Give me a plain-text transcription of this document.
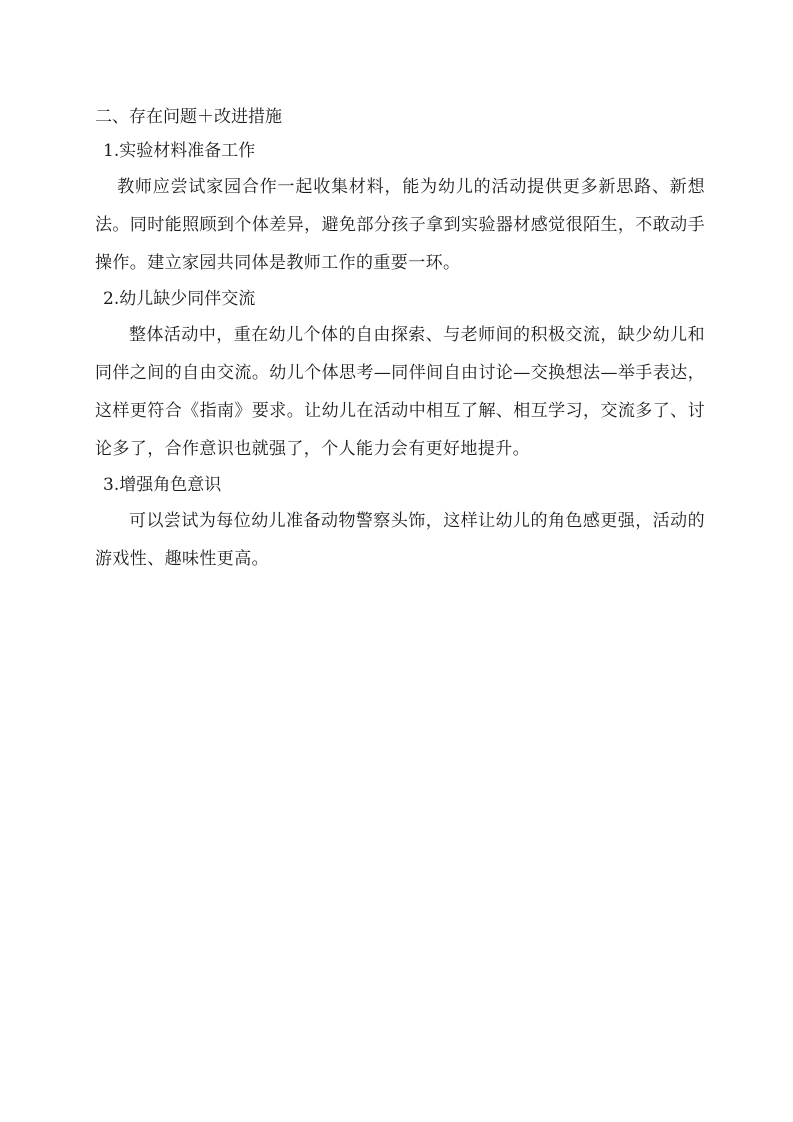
二、存在问题＋改进措施

1.实验材料准备工作

教师应尝试家园合作一起收集材料，能为幼儿的活动提供更多新思路、新想法。同时能照顾到个体差异，避免部分孩子拿到实验器材感觉很陌生，不敢动手操作。建立家园共同体是教师工作的重要一环。

2.幼儿缺少同伴交流

整体活动中，重在幼儿个体的自由探索、与老师间的积极交流，缺少幼儿和同伴之间的自由交流。幼儿个体思考—同伴间自由讨论—交换想法—举手表达，这样更符合《指南》要求。让幼儿在活动中相互了解、相互学习，交流多了、讨论多了，合作意识也就强了，个人能力会有更好地提升。

3.增强角色意识

可以尝试为每位幼儿准备动物警察头饰，这样让幼儿的角色感更强，活动的游戏性、趣味性更高。
